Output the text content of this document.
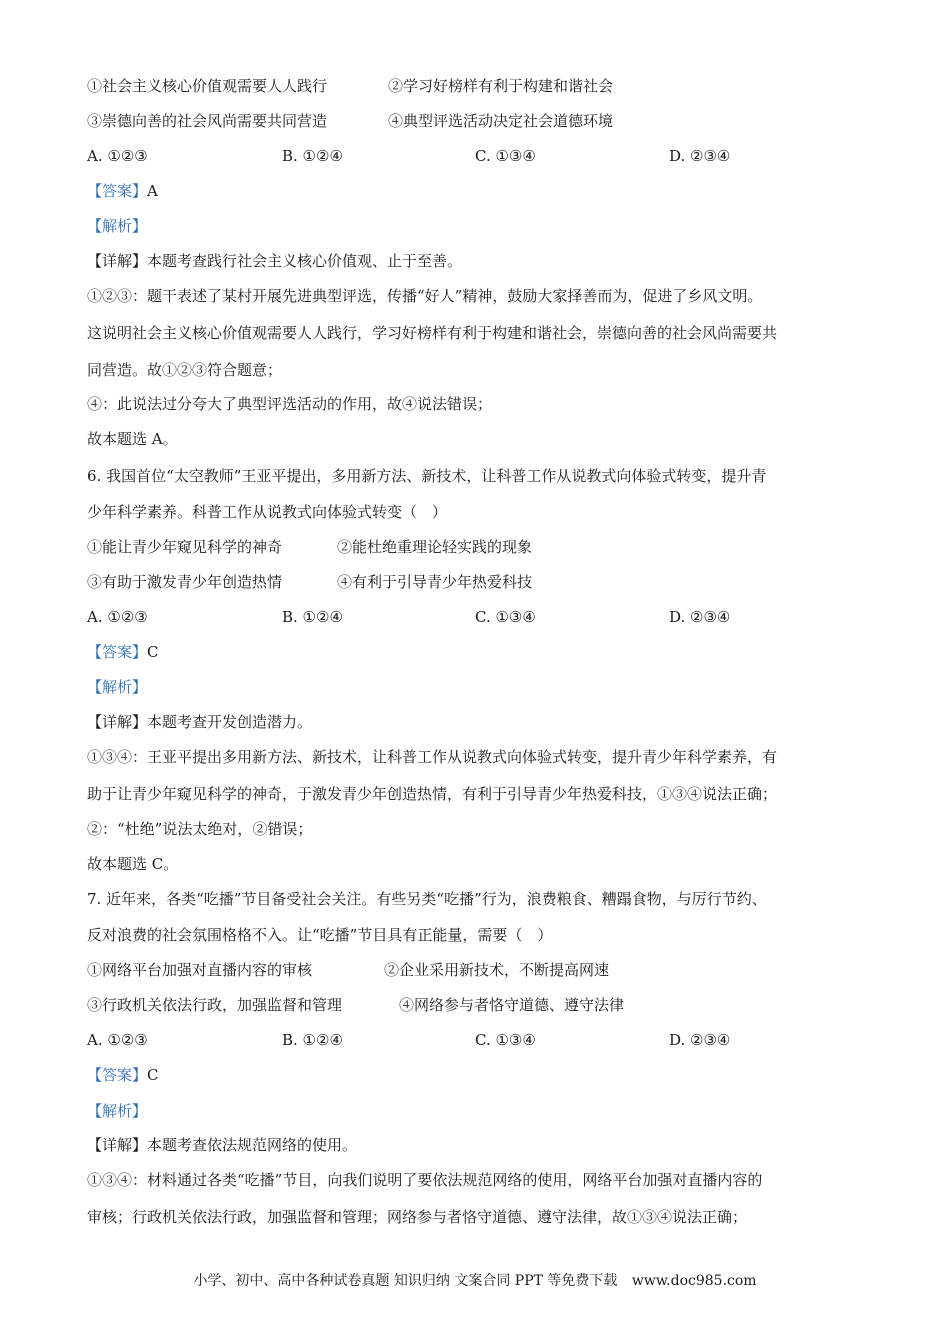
①社会主义核心价值观需要人人践行	②学习好榜样有利于构建和谐社会
③崇德向善的社会风尚需要共同营造	④典型评选活动决定社会道德环境
A. ①②③	B. ①②④	C. ①③④	D. ②③④
【答案】A
【解析】
【详解】本题考查践行社会主义核心价值观、止于至善。
①②③：题干表述了某村开展先进典型评选，传播“好人”精神，鼓励大家择善而为，促进了乡风文明。
这说明社会主义核心价值观需要人人践行，学习好榜样有利于构建和谐社会，崇德向善的社会风尚需要共
同营造。故①②③符合题意；
④：此说法过分夸大了典型评选活动的作用，故④说法错误；
故本题选 A。
6. 我国首位“太空教师”王亚平提出，多用新方法、新技术，让科普工作从说教式向体验式转变，提升青
少年科学素养。科普工作从说教式向体验式转变（　）
①能让青少年窥见科学的神奇	②能杜绝重理论轻实践的现象
③有助于激发青少年创造热情	④有利于引导青少年热爱科技
A. ①②③	B. ①②④	C. ①③④	D. ②③④
【答案】C
【解析】
【详解】本题考查开发创造潜力。
①③④：王亚平提出多用新方法、新技术，让科普工作从说教式向体验式转变，提升青少年科学素养，有
助于让青少年窥见科学的神奇，于激发青少年创造热情，有利于引导青少年热爱科技，①③④说法正确；
②：“杜绝”说法太绝对，②错误；
故本题选 C。
7. 近年来，各类“吃播”节目备受社会关注。有些另类“吃播”行为，浪费粮食、糟蹋食物，与厉行节约、
反对浪费的社会氛围格格不入。让“吃播”节目具有正能量，需要（　）
①网络平台加强对直播内容的审核	②企业采用新技术，不断提高网速
③行政机关依法行政，加强监督和管理	④网络参与者恪守道德、遵守法律
A. ①②③	B. ①②④	C. ①③④	D. ②③④
【答案】C
【解析】
【详解】本题考查依法规范网络的使用。
①③④：材料通过各类“吃播”节目，向我们说明了要依法规范网络的使用，网络平台加强对直播内容的
审核；行政机关依法行政，加强监督和管理；网络参与者恪守道德、遵守法律，故①③④说法正确；
小学、初中、高中各种试卷真题 知识归纳 文案合同 PPT 等免费下载 www.doc985.com
